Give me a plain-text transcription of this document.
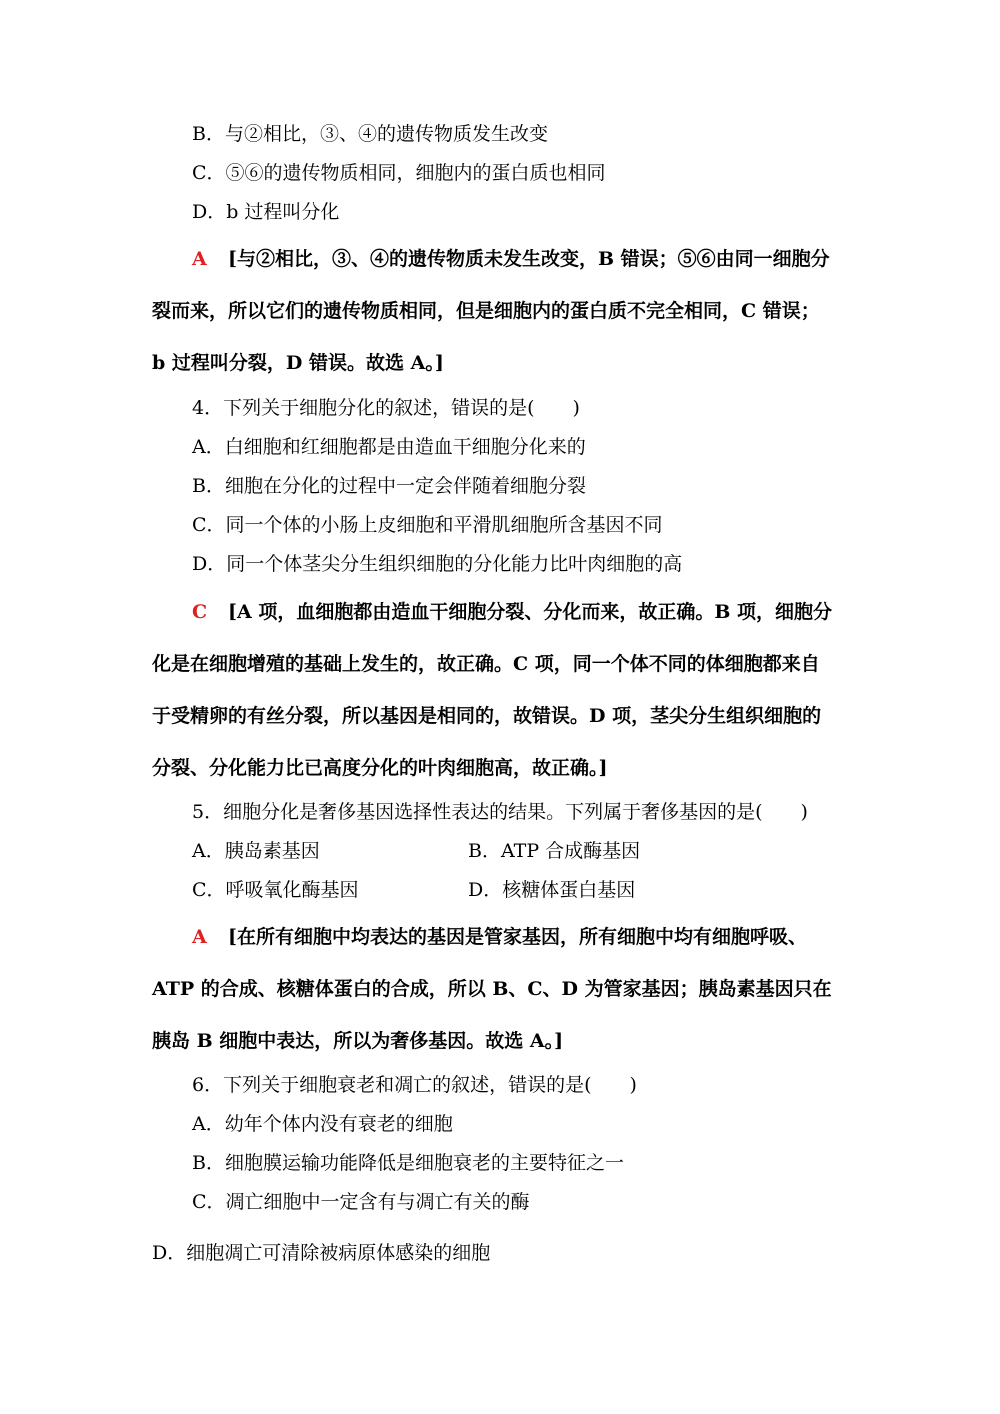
B．与②相比，③、④的遗传物质发生改变
C．⑤⑥的遗传物质相同，细胞内的蛋白质也相同
D．b 过程叫分化
A [与②相比，③、④的遗传物质未发生改变，B 错误；⑤⑥由同一细胞分
裂而来，所以它们的遗传物质相同，但是细胞内的蛋白质不完全相同，C 错误；
b 过程叫分裂，D 错误。故选 A。]
4．下列关于细胞分化的叙述，错误的是(　　)
A．白细胞和红细胞都是由造血干细胞分化来的
B．细胞在分化的过程中一定会伴随着细胞分裂
C．同一个体的小肠上皮细胞和平滑肌细胞所含基因不同
D．同一个体茎尖分生组织细胞的分化能力比叶肉细胞的高
C [A 项，血细胞都由造血干细胞分裂、分化而来，故正确。B 项，细胞分
化是在细胞增殖的基础上发生的，故正确。C 项，同一个体不同的体细胞都来自
于受精卵的有丝分裂，所以基因是相同的，故错误。D 项，茎尖分生组织细胞的
分裂、分化能力比已高度分化的叶肉细胞高，故正确。]
5．细胞分化是奢侈基因选择性表达的结果。下列属于奢侈基因的是(　　)
A．胰岛素基因	B．ATP 合成酶基因
C．呼吸氧化酶基因	D．核糖体蛋白基因
A [在所有细胞中均表达的基因是管家基因，所有细胞中均有细胞呼吸、
ATP 的合成、核糖体蛋白的合成，所以 B、C、D 为管家基因；胰岛素基因只在
胰岛 B 细胞中表达，所以为奢侈基因。故选 A。]
6．下列关于细胞衰老和凋亡的叙述，错误的是(　　)
A．幼年个体内没有衰老的细胞
B．细胞膜运输功能降低是细胞衰老的主要特征之一
C．凋亡细胞中一定含有与凋亡有关的酶
D．细胞凋亡可清除被病原体感染的细胞
